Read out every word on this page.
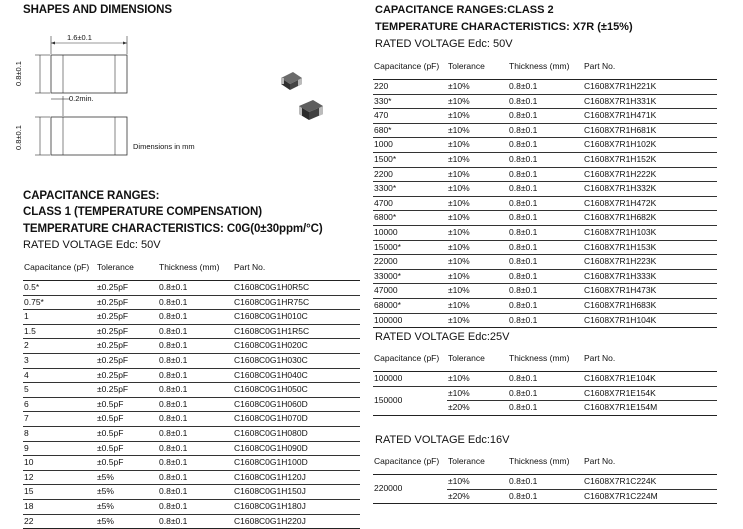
SHAPES AND DIMENSIONS
1.6±0.1
0.8±0.1
0.2min.
0.8±0.1	Dimensions in mm
CAPACITANCE RANGES:
CLASS 1 (TEMPERATURE COMPENSATION)
TEMPERATURE CHARACTERISTICS: C0G(0±30ppm/°C)
RATED VOLTAGE Edc: 50V
Capacitance (pF)	Tolerance	Thickness (mm)	Part No.
0.5*	±0.25pF	0.8±0.1	C1608C0G1H0R5C
0.75*	±0.25pF	0.8±0.1	C1608C0G1HR75C
1	±0.25pF	0.8±0.1	C1608C0G1H010C
1.5	±0.25pF	0.8±0.1	C1608C0G1H1R5C
2	±0.25pF	0.8±0.1	C1608C0G1H020C
3	±0.25pF	0.8±0.1	C1608C0G1H030C
4	±0.25pF	0.8±0.1	C1608C0G1H040C
5	±0.25pF	0.8±0.1	C1608C0G1H050C
6	±0.5pF	0.8±0.1	C1608C0G1H060D
7	±0.5pF	0.8±0.1	C1608C0G1H070D
8	±0.5pF	0.8±0.1	C1608C0G1H080D
9	±0.5pF	0.8±0.1	C1608C0G1H090D
10	±0.5pF	0.8±0.1	C1608C0G1H100D
12	±5%	0.8±0.1	C1608C0G1H120J
15	±5%	0.8±0.1	C1608C0G1H150J
18	±5%	0.8±0.1	C1608C0G1H180J
22	±5%	0.8±0.1	C1608C0G1H220J
CAPACITANCE RANGES:CLASS 2
TEMPERATURE CHARACTERISTICS: X7R (±15%)
RATED VOLTAGE Edc: 50V
Capacitance (pF)	Tolerance	Thickness (mm)	Part No.
220	±10%	0.8±0.1	C1608X7R1H221K
330*	±10%	0.8±0.1	C1608X7R1H331K
470	±10%	0.8±0.1	C1608X7R1H471K
680*	±10%	0.8±0.1	C1608X7R1H681K
1000	±10%	0.8±0.1	C1608X7R1H102K
1500*	±10%	0.8±0.1	C1608X7R1H152K
2200	±10%	0.8±0.1	C1608X7R1H222K
3300*	±10%	0.8±0.1	C1608X7R1H332K
4700	±10%	0.8±0.1	C1608X7R1H472K
6800*	±10%	0.8±0.1	C1608X7R1H682K
10000	±10%	0.8±0.1	C1608X7R1H103K
15000*	±10%	0.8±0.1	C1608X7R1H153K
22000	±10%	0.8±0.1	C1608X7R1H223K
33000*	±10%	0.8±0.1	C1608X7R1H333K
47000	±10%	0.8±0.1	C1608X7R1H473K
68000*	±10%	0.8±0.1	C1608X7R1H683K
100000	±10%	0.8±0.1	C1608X7R1H104K
RATED VOLTAGE Edc:25V
Capacitance (pF)	Tolerance	Thickness (mm)	Part No.
100000	±10%	0.8±0.1	C1608X7R1E104K
150000	±10%	0.8±0.1	C1608X7R1E154K
	±20%	0.8±0.1	C1608X7R1E154M
RATED VOLTAGE Edc:16V
Capacitance (pF)	Tolerance	Thickness (mm)	Part No.
220000	±10%	0.8±0.1	C1608X7R1C224K
	±20%	0.8±0.1	C1608X7R1C224M
